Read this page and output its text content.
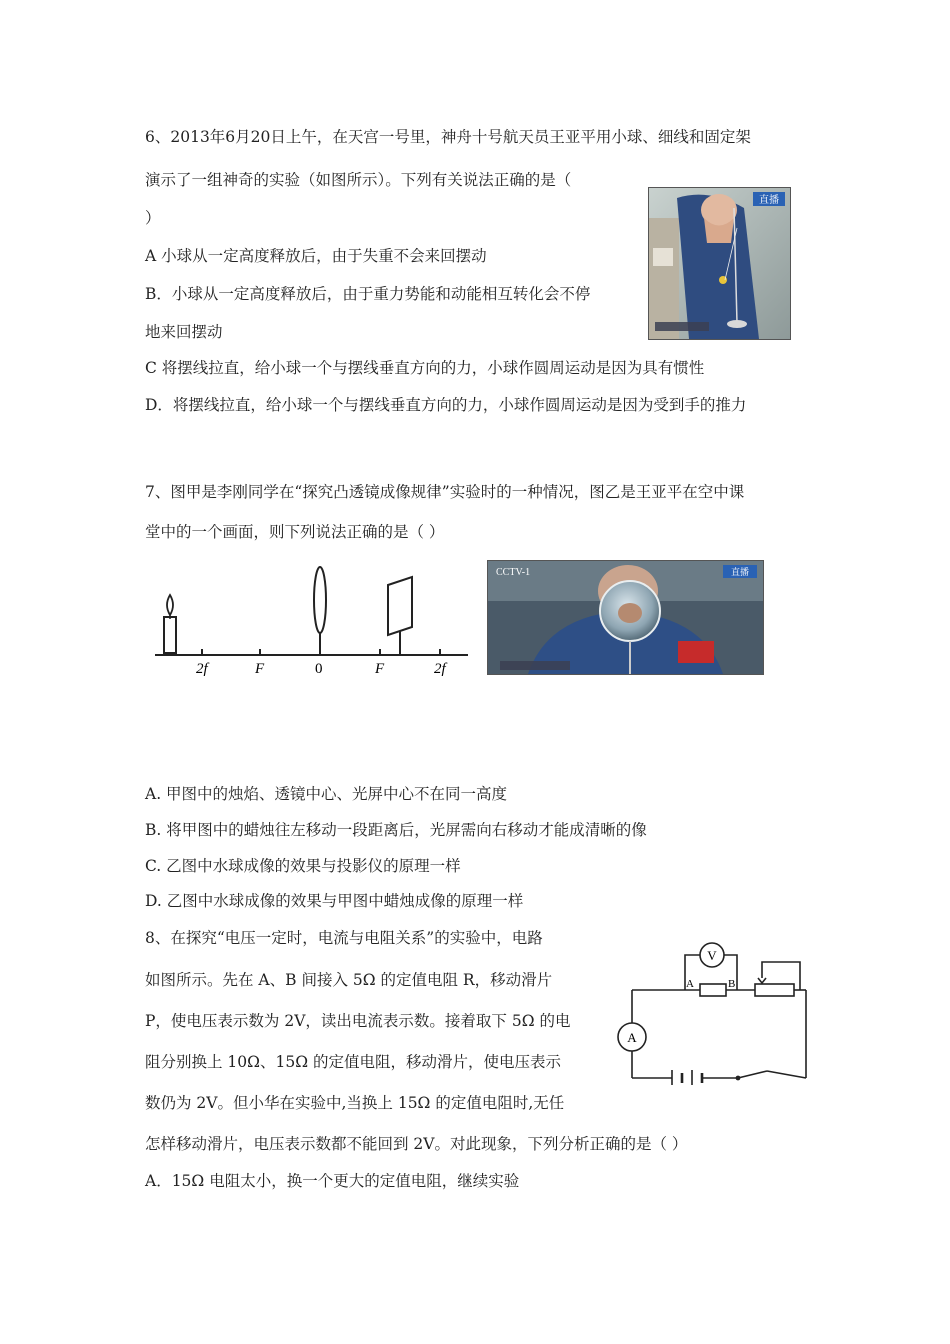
6、2013年6月20日上午，在天宫一号里，神舟十号航天员王亚平用小球、细线和固定架
演示了一组神奇的实验（如图所示）。下列有关说法正确的是（
）
A 小球从一定高度释放后，由于失重不会来回摆动
B．小球从一定高度释放后，由于重力势能和动能相互转化会不停
地来回摆动
C 将摆线拉直，给小球一个与摆线垂直方向的力，小球作圆周运动是因为具有惯性
D．将摆线拉直，给小球一个与摆线垂直方向的力，小球作圆周运动是因为受到手的推力
直播
7、图甲是李刚同学在“探究凸透镜成像规律”实验时的一种情况，图乙是王亚平在空中课
堂中的一个画面，则下列说法正确的是（ ）
2f	F	0	F	2f
CCTV-1	直播
A. 甲图中的烛焰、透镜中心、光屏中心不在同一高度
B. 将甲图中的蜡烛往左移动一段距离后，光屏需向右移动才能成清晰的像
C. 乙图中水球成像的效果与投影仪的原理一样
D. 乙图中水球成像的效果与甲图中蜡烛成像的原理一样
8、在探究“电压一定时，电流与电阻关系”的实验中，电路
如图所示。先在 A、B 间接入 5Ω 的定值电阻 R，移动滑片
P，使电压表示数为 2V，读出电流表示数。接着取下 5Ω 的电
阻分别换上 10Ω、15Ω 的定值电阻，移动滑片，使电压表示
数仍为 2V。但小华在实验中,当换上 15Ω 的定值电阻时,无任
怎样移动滑片，电压表示数都不能回到 2V。对此现象，下列分析正确的是（ ）
A．15Ω 电阻太小，换一个更大的定值电阻，继续实验
V
A
A	B
